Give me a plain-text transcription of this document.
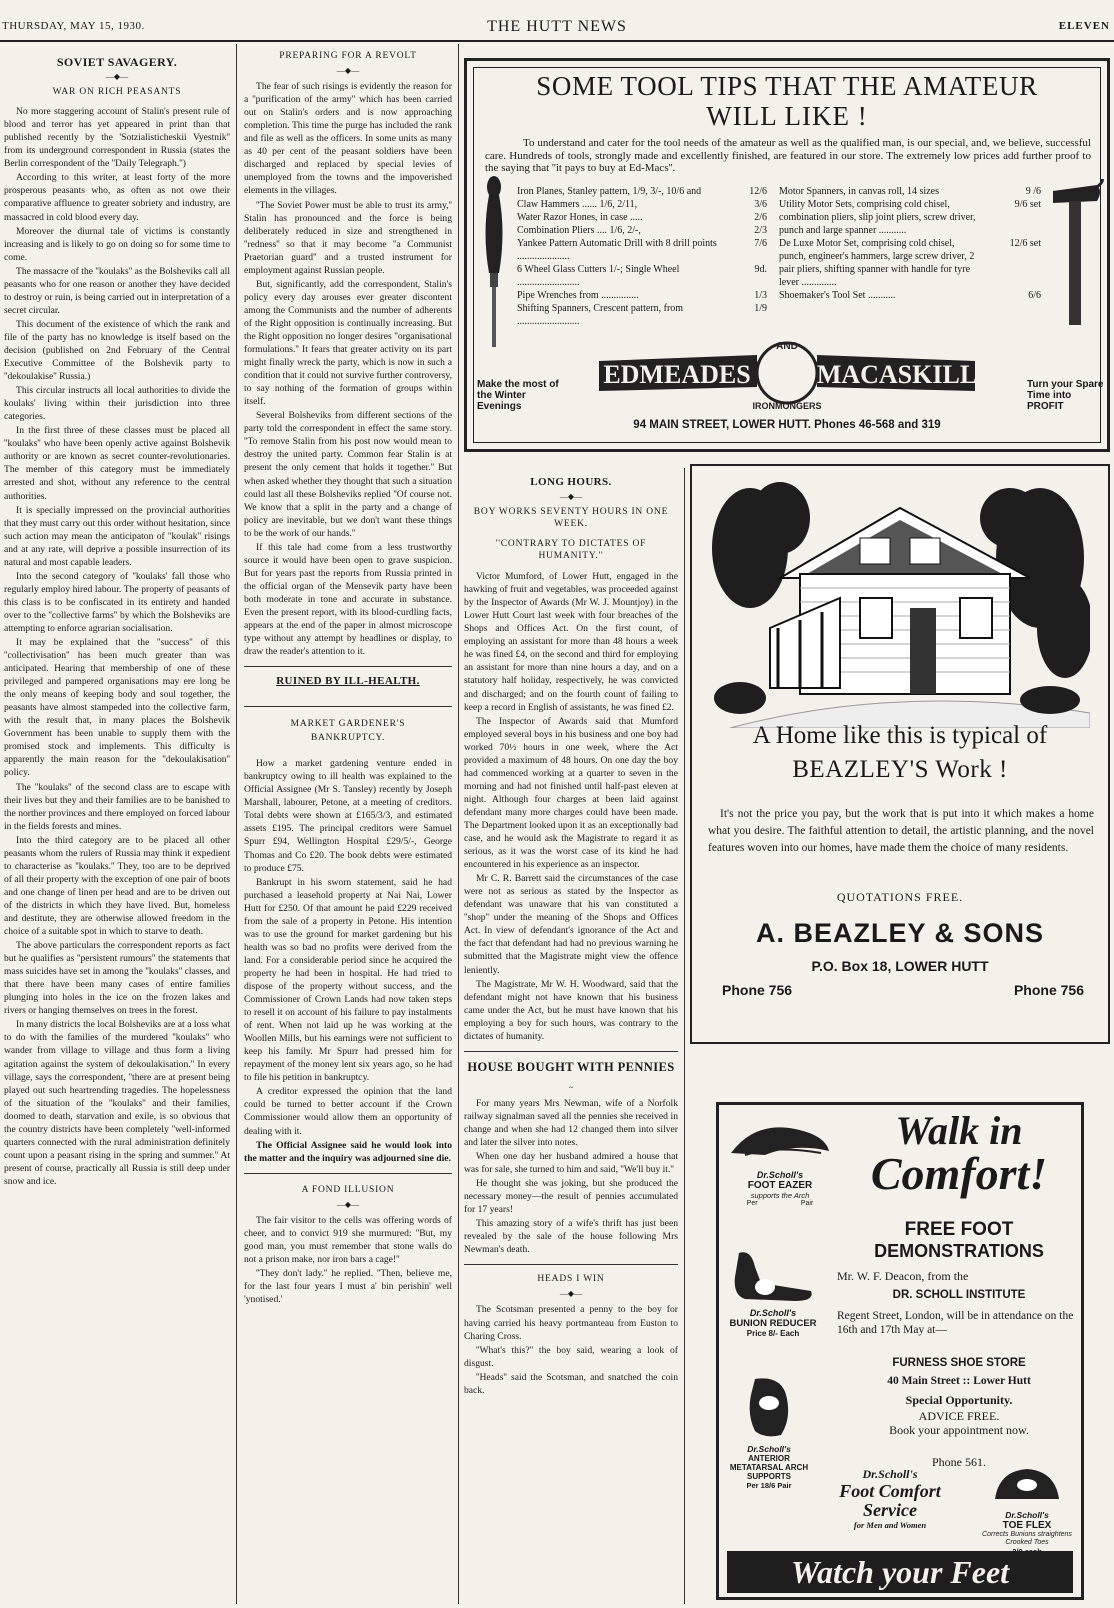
THURSDAY, MAY 15, 1930.	THE HUTT NEWS	ELEVEN
SOVIET SAVAGERY.
—◆—
WAR ON RICH PEASANTS

No more staggering account of Stalin's present rule of blood and terror has yet appeared in print than that published recently by the 'Sotzialisticheskii Vyestnik'' from its underground correspondent in Russia (states the Berlin correspondent of the ''Daily Telegraph.'')

According to this writer, at least forty of the more prosperous peasants who, as often as not owe their comparative affluence to greater sobriety and industry, are massacred in cold blood every day.

Moreover the diurnal tale of victims is constantly increasing and is likely to go on doing so for some time to come.

The massacre of the ''koulaks'' as the Bolsheviks call all peasants who for one reason or another they have decided to destroy or ruin, is being carried out in interpretation of a secret circular.

This document of the existence of which the rank and file of the party has no knowledge is itself based on the decision (published on 2nd February of the Central Executive Committee of the Bolshevik party to ''dekoulakise'' Russia.)

This circular instructs all local authorities to divide the koulaks' living within their jurisdiction into three categories.

In the first three of these classes must be placed all ''koulaks'' who have been openly active against Bolshevik authority or are known as secret counter-revolutionaries. The member of this category must be immediately arrested and shot, without any reference to the central authorities.

It is specially impressed on the provincial authorities that they must carry out this order without hesitation, since such action may mean the anticipaton of ''koulak'' risings and at any rate, will deprive a possible insurrection of its natural and most capable leaders.

Into the second category of ''koulaks' fall those who regularly employ hired labour. The property of peasants of this class is to be confiscated in its entirety and handed over to the ''collective farms'' by which the Bolsheviks are attempting to enforce agrarian socialisation.

It may be explained that the ''success'' of this ''collectivisation'' has been much greater than was anticipated. Hearing that membership of one of these privileged and pampered organisations may ere long be the only means of keeping body and soul together, the peasants have almost stampeded into the collective farm, with the result that, in many places the Bolshevik Government has been unable to supply them with the promised stock and implements. This difficulty is apparently the main reason for the ''dekoulakisation'' policy.

The ''koulaks'' of the second class are to escape with their lives but they and their families are to be banished to the norther provinces and there employed on forced labour in the fields forests and mines.

Into the third category are to be placed all other peasants whom the rulers of Russia may think it expedient to characterise as ''koulaks.'' They, too are to be deprived of all their property with the exception of one pair of boots and one change of linen per head and are to be driven out of the districts in which they have lived. But, homeless and destitute, they are otherwise allowed freedom in the choice of a suitable spot in which to starve to death.

The above particulars the correspondent reports as fact but he qualifies as ''persistent rumours'' the statements that mass suicides have set in among the ''koulaks'' classes, and that there have been many cases of entire families plunging into holes in the ice on the frozen lakes and rivers or hanging themselves on trees in the forest.

In many districts the local Bolsheviks are at a loss what to do with the families of the murdered ''koulaks'' who wander from village to village and thus form a living agitation against the system of dekoulakisation.'' In every village, says the correspondent, ''there are at present being played out such heartrending tragedies. The hopelessness of the situation of the ''koulaks'' and their families, doomed to death, starvation and exile, is so obvious that the country districts have been completely ''well-informed quarters connected with the rural administration definitely count upon a peasant rising in the spring and summer.'' At present of course, practically all Russia is still deep under snow and ice.

PREPARING FOR A REVOLT
—◆—

The fear of such risings is evidently the reason for a ''purification of the army'' which has been carried out on Stalin's orders and is now approaching completion. This time the purge has included the rank and file as well as the officers. In some units as many as 40 per cent of the peasant soldiers have been discharged and replaced by special levies of unemployed from the towns and the impoverished elements in the villages.

''The Soviet Power must be able to trust its army,'' Stalin has pronounced and the force is being deliberately reduced in size and strengthened in ''redness'' so that it may become ''a Communist Praetorian guard'' and a trusted instrument for employment against Russian people.

But, significantly, add the correspondent, Stalin's policy every day arouses ever greater discontent among the Communists and the number of adherents of the Right opposition is continually increasing. But the Right opposition no longer desires ''organisational formulations.'' It fears that greater activity on its part might finally wreck the party, which is now in such a condition that it could not survive further controversy, to say nothing of the formation of groups within itself.

Several Bolsheviks from different sections of the party told the correspondent in effect the same story. ''To remove Stalin from his post now would mean to destroy the united party. Common fear Stalin is at present the only cement that holds it together.'' But when asked whether they thought that such a situation could last all these Bolsheviks replied ''Of course not. We know that a split in the party and a change of policy are inevitable, but we don't want these things to be the work of our hands.''

If this tale had come from a less trustworthy source it would have been open to grave suspicion. But for years past the reports from Russia printed in the official organ of the Mensevik party have been both moderate in tone and accurate in substance. Even the present report, with its blood-curdling facts, appears at the end of the paper in almost microscope type without any attempt by headlines or display, to draw the reader's attention to it.

RUINED BY ILL-HEALTH.
MARKET GARDENER'S BANKRUPTCY.

How a market gardening venture ended in bankruptcy owing to ill health was explained to the Official Assignee (Mr S. Tansley) recently by Joseph Marshall, labourer, Petone, at a meeting of creditors. Total debts were shown at £165/3/3, and estimated assets £195. The principal creditors were Samuel Spurr £94, Wellington Hospital £29/5/-, George Thomas and Co £20. The book debts were estimated to produce £75.

Bankrupt in his sworn statement, said he had purchased a leasehold property at Nai Nai, Lower Hutt for £250. Of that amount he paid £229 received from the sale of a property in Petone. His intention was to use the ground for market gardening but his health was so bad no profits were derived from the land. For a considerable period since he acquired the property he had been in hospital. He had tried to dispose of the property without success, and the Commissioner of Crown Lands had now taken steps to resell it on account of his failure to pay instalments of rent. When not laid up he was working at the Woollen Mills, but his earnings were not sufficient to keep his family. Mr Spurr had pressed him for repayment of the money lent six years ago, so he had to file his petition in bankruptcy.

A creditor expressed the opinion that the land could be turned to better account if the Crown Commissioner would allow them an opportunity of dealing with it.

The Official Assignee said he would look into the matter and the inquiry was adjourned sine die.

A FOND ILLUSION
—◆—

The fair visitor to the cells was offering words of cheer, and to convict 919 she murmured: ''But, my good man, you must remember that stone walls do not a prison make, nor iron bars a cage!''

''They don't lady.'' he replied. ''Then, believe me, for the last four years I must a' bin perishin' well 'ynotised.'

SOME TOOL TIPS THAT THE AMATEUR
WILL LIKE !
To understand and cater for the tool needs of the amateur as well as the qualified man, is our special, and, we believe, successful care. Hundreds of tools, strongly made and excellently finished, are featured in our store. The extremely low prices add further proof to the saying that ''it pays to buy at Ed-Macs''.
Iron Planes, Stanley pattern, 1/9, 3/-, 10/6 and	12/6
Claw Hammers ...... 1/6, 2/11,	3/6
Water Razor Hones, in case .....	2/6
Combination Pliers .... 1/6, 2/-,	2/3
Yankee Pattern Automatic Drill with 8 drill points .....................
7/6
6 Wheel Glass Cutters 1/-; Single Wheel .........................
9d.
Pipe Wrenches from ...............	1/3
Shifting Spanners, Crescent pattern, from .........................
1/9
Motor Spanners, in canvas roll, 14 sizes	9 /6
Utility Motor Sets, comprising cold chisel, combination pliers, slip joint pliers, screw driver, punch and large spanner ...........
9/6 set
De Luxe Motor Set, comprising cold chisel, punch, engineer's hammers, large screw driver, 2 pair pliers, shifting spanner with handle for tyre lever ..............
12/6 set
Shoemaker's Tool Set ...........	6/6
EDMEADES	MACASKILL
AND
IRONMONGERS
Make the most of the Winter Evenings
Turn your Spare Time into PROFIT
94 MAIN STREET, LOWER HUTT. Phones 46-568 and 319
LONG HOURS.
—◆—
BOY WORKS SEVENTY HOURS IN ONE WEEK.
''CONTRARY TO DICTATES OF HUMANITY.''

Victor Mumford, of Lower Hutt, engaged in the hawking of fruit and vegetables, was proceeded against by the Inspector of Awards (Mr W. J. Mountjoy) in the Lower Hutt Court last week with four breaches of the Shops and Offices Act. On the first count, of employing an assistant for more than 48 hours a week he was fined £4, on the second and third for employing an assistant for more than nine hours a day, and on a statutory half holiday, respectively, he was convicted and discharged; and on the fourth count of failing to keep a record in English of assistants, he was fined £2.

The Inspector of Awards said that Mumford employed several boys in his business and one boy had worked 70½ hours in one week, where the Act provided a maximum of 48 hours. On one day the boy had commenced working at a quarter to seven in the morning and had not finished until half-past eleven at night. Although four charges at been laid against defendant many more charges could have been made. The Department looked upon it as an exceptionally bad case, and he would ask the Magistrate to regard it as serious, as it was the worst case of its kind he had encountered in his experience as an inspector.

Mr C. R. Barrett said the circumstances of the case were not as serious as stated by the Inspector as defendant was unaware that his van constituted a ''shop'' under the meaning of the Shops and Offices Act. In view of defendant's ignorance of the Act and the fact that defendant had had no previous warning he submitted that the Magistrate might view the offence leniently.

The Magistrate, Mr W. H. Woodward, said that the defendant might not have known that his business came under the Act, but he must have known that his employing a boy for such hours, was contrary to the dictates of humanity.

HOUSE BOUGHT WITH PENNIES
~

For many years Mrs Newman, wife of a Norfolk railway signalman saved all the pennies she received in change and when she had 12 changed them into silver and later the silver into notes.

When one day her husband admired a house that was for sale, she turned to him and said, ''We'll buy it.''

He thought she was joking, but she produced the necessary money—the result of pennies accumulated for 17 years!

This amazing story of a wife's thrift has just been revealed by the sale of the house following Mrs Newman's death.

HEADS I WIN
—◆—

The Scotsman presented a penny to the boy for having carried his heavy portmanteau from Euston to Charing Cross.

''What's this?'' the boy said, wearing a look of disgust.

''Heads'' said the Scotsman, and snatched the coin back.

A Home like this is typical of
BEAZLEY'S Work !
It's not the price you pay, but the work that is put into it which makes a home what you desire. The faithful attention to detail, the artistic planning, and the novel features woven into our homes, have made them the choice of many residents.
QUOTATIONS FREE.
A. BEAZLEY & SONS
P.O. Box 18, LOWER HUTT
Phone 756	Phone 756
Walk in
Comfort!
Dr.Scholl's
FOOT EAZER
supports the Arch
Per	Pair
Dr.Scholl's
BUNION REDUCER
Price 8/- Each
FREE FOOT
DEMONSTRATIONS
Mr. W. F. Deacon, from the
DR. SCHOLL INSTITUTE
Regent Street, London, will be in attendance on the 16th and 17th May at—
FURNESS SHOE STORE
40 Main Street :: Lower Hutt
Special Opportunity.
ADVICE FREE.
Book your appointment now.
Phone 561.
Dr.Scholl's
ANTERIOR METATARSAL ARCH SUPPORTS
Per 18/6 Pair
Dr.Scholl's
Foot Comfort
Service
for Men and Women
Dr.Scholl's
TOE FLEX
Corrects Bunions straightens Crooked Toes
Watch your Feet
